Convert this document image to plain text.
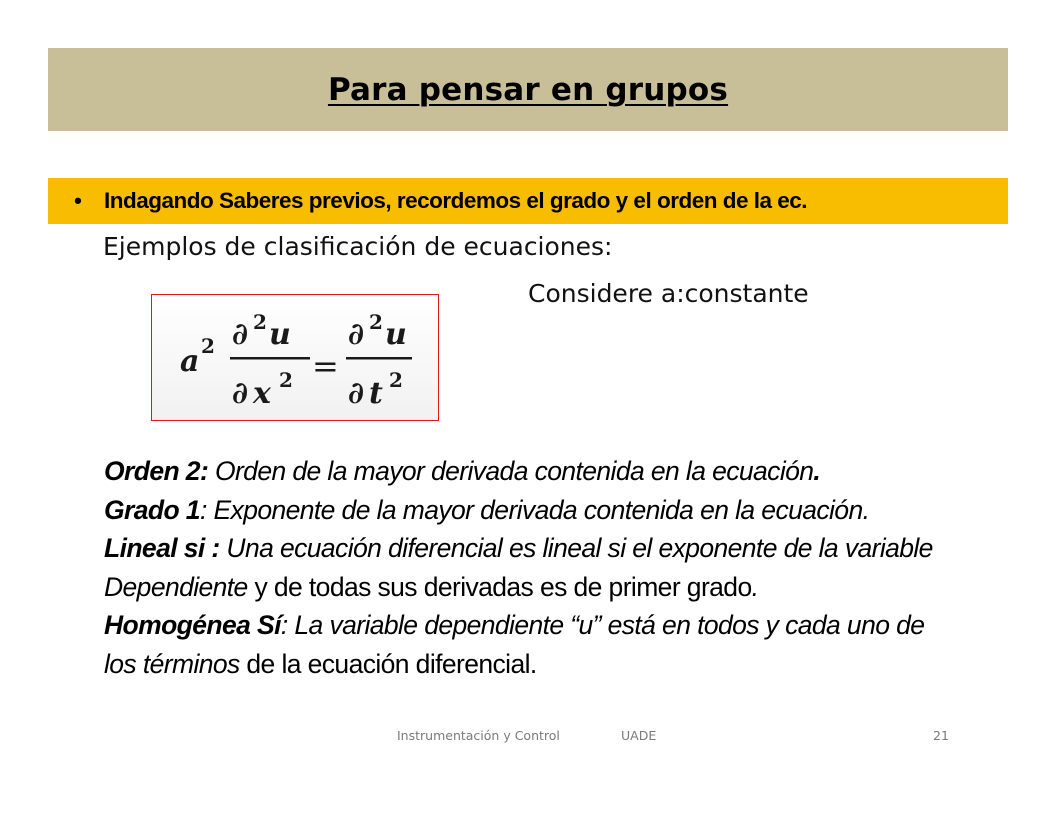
Para pensar en grupos
• Indagando Saberes previos, recordemos el grado y el orden de la ec.
Ejemplos de clasificación de ecuaciones:
Considere a:constante
a 2 ∂ 2 u
∂ x 2 =
∂ 2 u
∂ t 2
Orden 2: Orden de la mayor derivada contenida en la ecuación.
Grado 1: Exponente de la mayor derivada contenida en la ecuación.
Lineal si : Una ecuación diferencial es lineal si el exponente de la variable
Dependiente y de todas sus derivadas es de primer grado.
Homogénea Sí: La variable dependiente “u” está en todos y cada uno de
los términos de la ecuación diferencial.
Instrumentación y Control	UADE	21
